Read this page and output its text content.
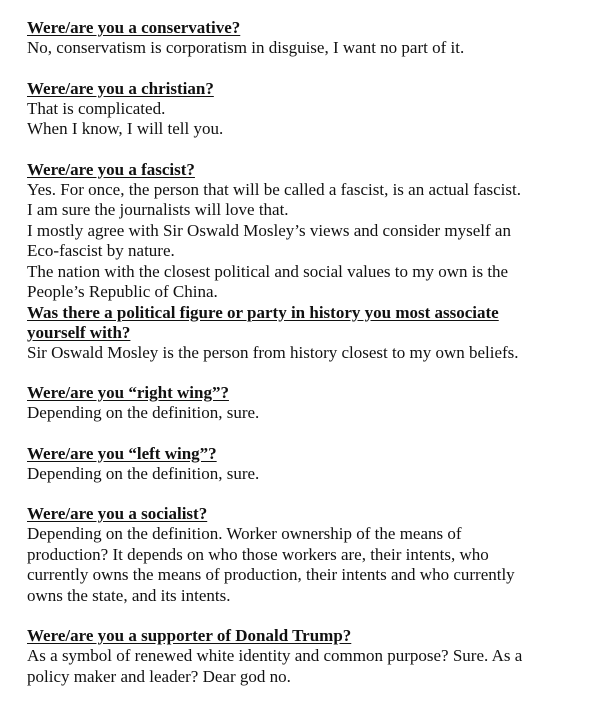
Were/are you a conservative?

No, conservatism is corporatism in disguise, I want no part of it.

Were/are you a christian?

That is complicated.

When I know, I will tell you.

Were/are you a fascist?

Yes. For once, the person that will be called a fascist, is an actual fascist.

I am sure the journalists will love that.

I mostly agree with Sir Oswald Mosley’s views and consider myself an

Eco-fascist by nature.

The nation with the closest political and social values to my own is the

People’s Republic of China.

Was there a political figure or party in history you most associate

yourself with?

Sir Oswald Mosley is the person from history closest to my own beliefs.

Were/are you “right wing”?

Depending on the definition, sure.

Were/are you “left wing”?

Depending on the definition, sure.

Were/are you a socialist?

Depending on the definition. Worker ownership of the means of

production? It depends on who those workers are, their intents, who

currently owns the means of production, their intents and who currently

owns the state, and its intents.

Were/are you a supporter of Donald Trump?

As a symbol of renewed white identity and common purpose? Sure. As a

policy maker and leader? Dear god no.
